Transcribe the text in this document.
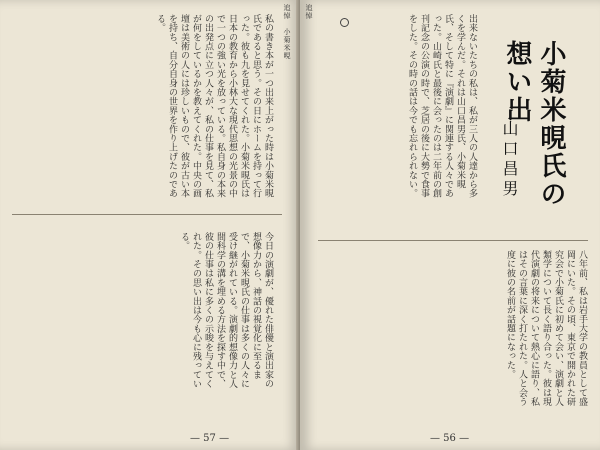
追悼　小菊米晛
私の書き本が一つ出来上がった時は小菊米晛氏であると思う。その日にホームを持って行った。彼も九を見せてくれた。小菊米晛氏は日本の教育から小林大な現代思想の光景の中で一つの強い光を放っている。私自身の本来の出発点に立つ人々が、私の仕事を見て、私が何をしているかを教えてくれた。中央の画壇は美術の人には珍しいもので、彼が古い本を持ち、自分自身の世界を作り上げたのである。
今日の演劇が、優れた俳優と演出家の想像力から、神話の視覚化に至るまで、小菊米晛氏の仕事は多くの人々に受け継がれている。演劇的想像力と人間科学の溝を埋める方法を探す中で、彼の仕事は私に多くの示唆を与えてくれた。その思い出は今も心に残っている。
— 57 —
追悼
出来ないたちの私は、私が三人の人達から多くを学んだ。それは山口昌男氏、小菊米晛氏、そして特に『演劇』に関連する人々であった。山崎氏と最後に会ったのは二年前の創刊記念の公演の時で、芝居の後に大勢で食事をした。その時の話は今でも忘れられない。	小菊米晛氏の想い出
山口昌男
八年前、私は岩手大学の教員として盛岡にいた。その頃、東京で開かれた研究会で小菊氏に初めて会い、演劇と人類学について長く語り合った。彼は現代演劇の将来について熱心に語り、私はその言葉に深く打たれた。人と会う度に彼の名前が話題になった。
— 56 —
